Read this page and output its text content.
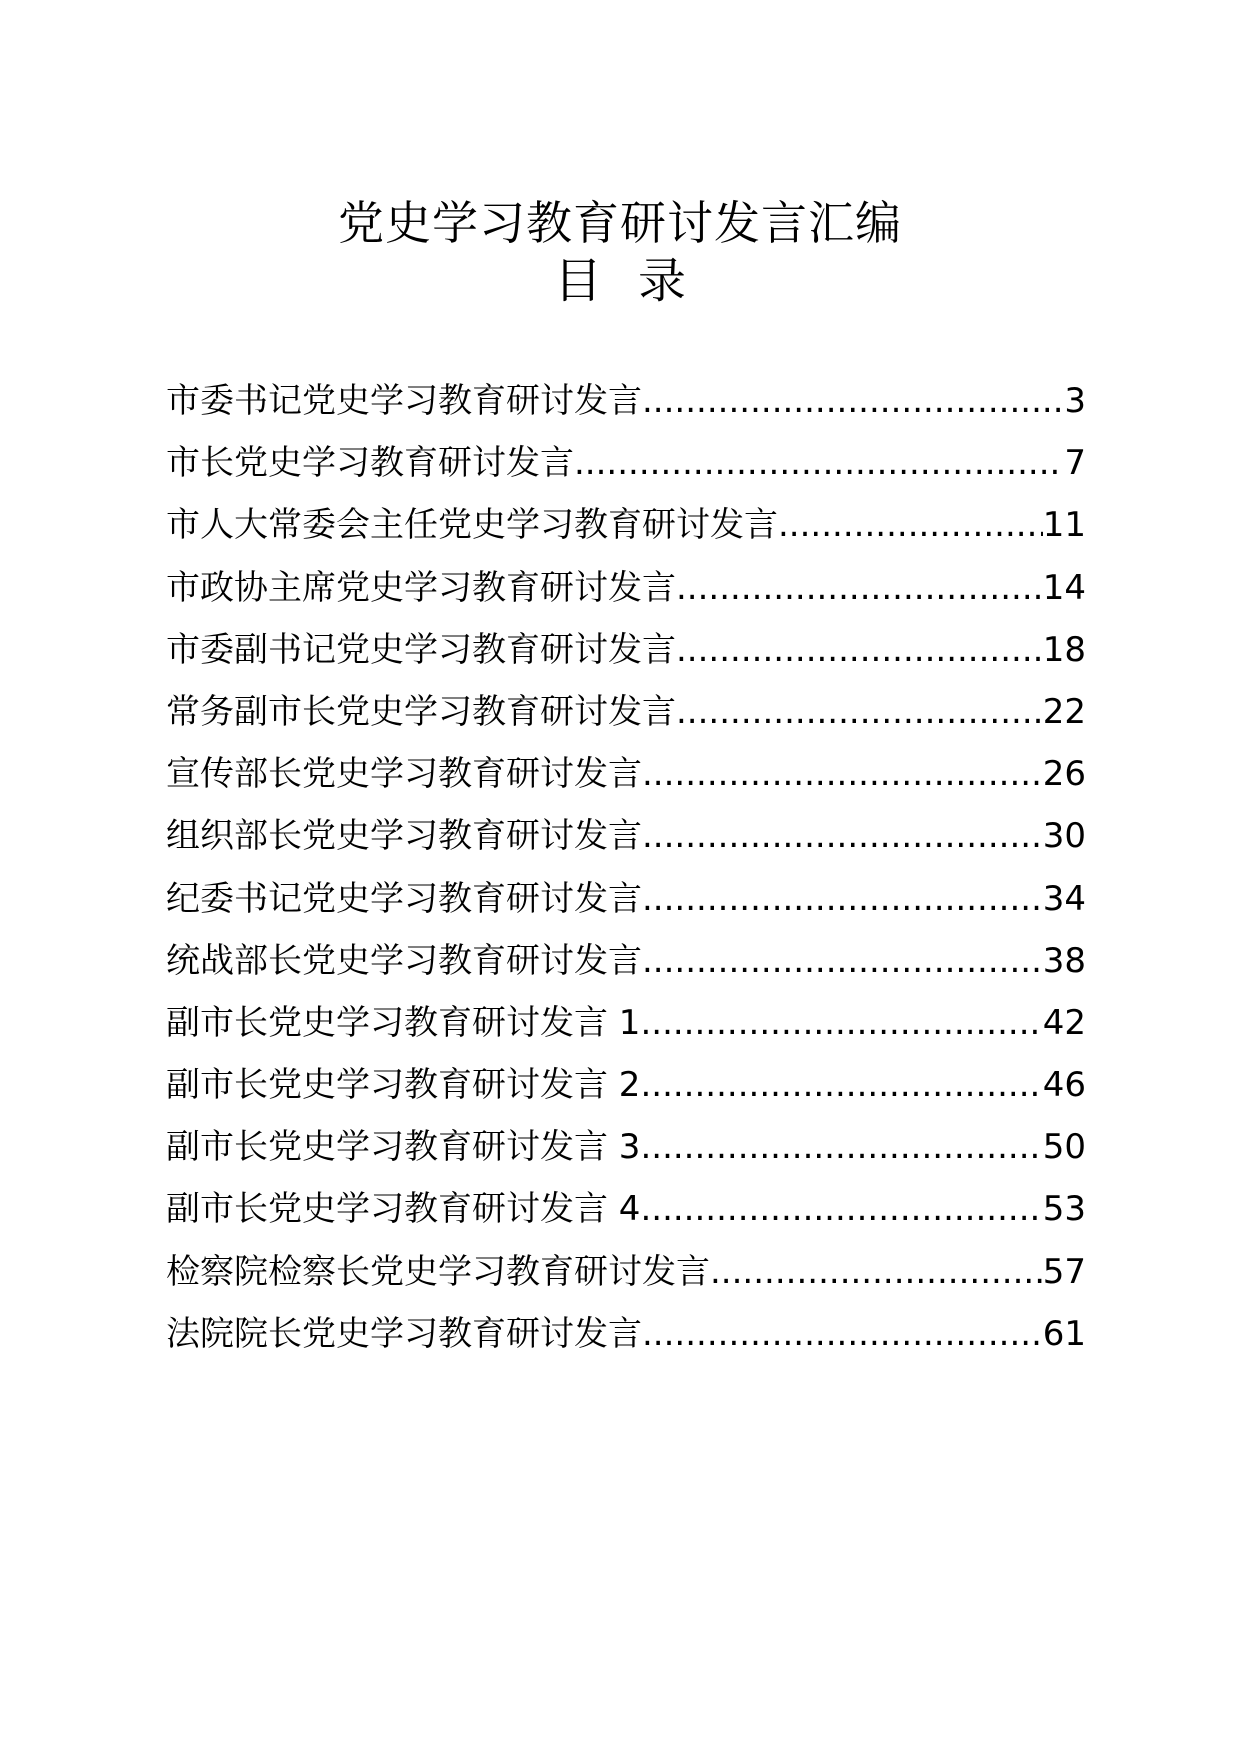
党史学习教育研讨发言汇编
目录
市委书记党史学习教育研讨发言 .....	3
市长党史学习教育研讨发言 .....	7
市人大常委会主任党史学习教育研讨发言 .....	11
市政协主席党史学习教育研讨发言 .....	14
市委副书记党史学习教育研讨发言 .....	18
常务副市长党史学习教育研讨发言 .....	22
宣传部长党史学习教育研讨发言 .....	26
组织部长党史学习教育研讨发言 .....	30
纪委书记党史学习教育研讨发言 .....	34
统战部长党史学习教育研讨发言 .....	38
副市长党史学习教育研讨发言 1 .....	42
副市长党史学习教育研讨发言 2 .....	46
副市长党史学习教育研讨发言 3 .....	50
副市长党史学习教育研讨发言 4 .....	53
检察院检察长党史学习教育研讨发言 .....	57
法院院长党史学习教育研讨发言 .....	61
